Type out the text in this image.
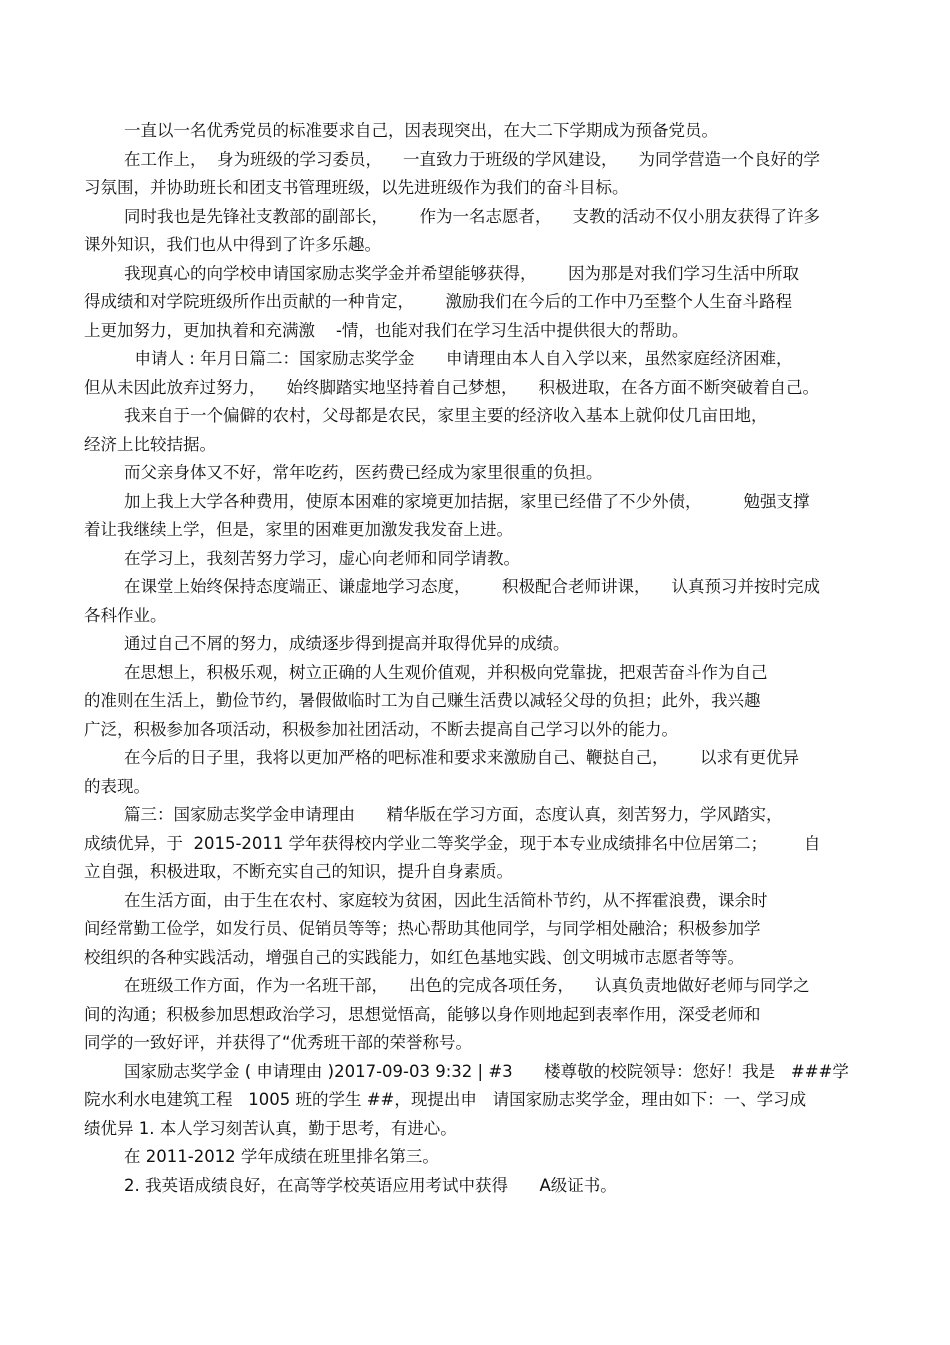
一直以一名优秀党员的标准要求自己，因表现突出，在大二下学期成为预备党员。
在工作上，  身为班级的学习委员，    一直致力于班级的学风建设，    为同学营造一个良好的学
习氛围，并协助班长和团支书管理班级，以先进班级作为我们的奋斗目标。
同时我也是先锋社支教部的副部长，      作为一名志愿者，    支教的活动不仅小朋友获得了许多
课外知识，我们也从中得到了许多乐趣。
我现真心的向学校申请国家励志奖学金并希望能够获得，      因为那是对我们学习生活中所取
得成绩和对学院班级所作出贡献的一种肯定，      激励我们在今后的工作中乃至整个人生奋斗路程
上更加努力，更加执着和充满激    -情，也能对我们在学习生活中提供很大的帮助。
申请人 : 年月日篇二：国家励志奖学金      申请理由本人自入学以来，虽然家庭经济困难，
但从未因此放弃过努力，    始终脚踏实地坚持着自己梦想，    积极进取，在各方面不断突破着自己。
我来自于一个偏僻的农村，父母都是农民，家里主要的经济收入基本上就仰仗几亩田地，
经济上比较拮据。
而父亲身体又不好，常年吃药，医药费已经成为家里很重的负担。
加上我上大学各种费用，使原本困难的家境更加拮据，家里已经借了不少外债，        勉强支撑
着让我继续上学，但是，家里的困难更加激发我发奋上进。
在学习上，我刻苦努力学习，虚心向老师和同学请教。
在课堂上始终保持态度端正、谦虚地学习态度，      积极配合老师讲课，    认真预习并按时完成
各科作业。
通过自己不屑的努力，成绩逐步得到提高并取得优异的成绩。
在思想上，积极乐观，树立正确的人生观价值观，并积极向党靠拢，把艰苦奋斗作为自己
的准则在生活上，勤俭节约，暑假做临时工为自己赚生活费以减轻父母的负担；此外，我兴趣
广泛，积极参加各项活动，积极参加社团活动，不断去提高自己学习以外的能力。
在今后的日子里，我将以更加严格的吧标准和要求来激励自己、鞭挞自己，      以求有更优异
的表现。
篇三：国家励志奖学金申请理由      精华版在学习方面，态度认真，刻苦努力，学风踏实，
成绩优异，于  2015-2011 学年获得校内学业二等奖学金，现于本专业成绩排名中位居第二；       自
立自强，积极进取，不断充实自己的知识，提升自身素质。
在生活方面，由于生在农村、家庭较为贫困，因此生活简朴节约，从不挥霍浪费，课余时
间经常勤工俭学，如发行员、促销员等等；热心帮助其他同学，与同学相处融洽；积极参加学
校组织的各种实践活动，增强自己的实践能力，如红色基地实践、创文明城市志愿者等等。
在班级工作方面，作为一名班干部，    出色的完成各项任务，    认真负责地做好老师与同学之
间的沟通；积极参加思想政治学习，思想觉悟高，能够以身作则地起到表率作用，深受老师和
同学的一致好评，并获得了“优秀班干部的荣誉称号。
国家励志奖学金 ( 申请理由 )2017-09-03 9:32 | #3      楼尊敬的校院领导：您好！我是   ###学
院水利水电建筑工程   1005 班的学生 ##，现提出申   请国家励志奖学金，理由如下：一、学习成
绩优异 1. 本人学习刻苦认真，勤于思考，有进心。
在 2011-2012 学年成绩在班里排名第三。
2. 我英语成绩良好，在高等学校英语应用考试中获得      A级证书。
